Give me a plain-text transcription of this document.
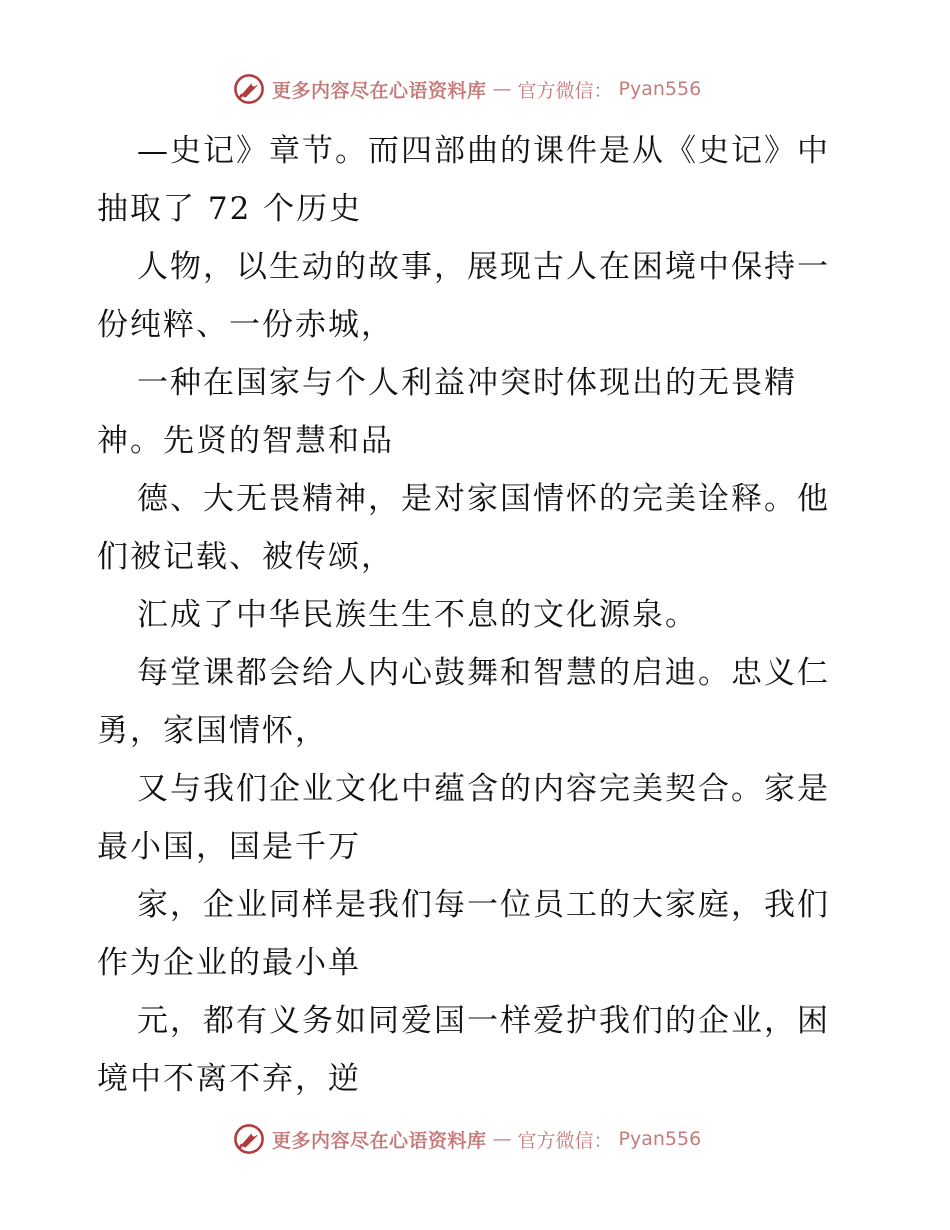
更多内容尽在心语资料库 — 官方微信： Pyan556
—史记》章节。而四部曲的课件是从《史记》中
抽取了 72 个历史
人物，以生动的故事，展现古人在困境中保持一
份纯粹、一份赤城，
一种在国家与个人利益冲突时体现出的无畏精
神。先贤的智慧和品
德、大无畏精神，是对家国情怀的完美诠释。他
们被记载、被传颂，
汇成了中华民族生生不息的文化源泉。
每堂课都会给人内心鼓舞和智慧的启迪。忠义仁
勇，家国情怀，
又与我们企业文化中蕴含的内容完美契合。家是
最小国，国是千万
家，企业同样是我们每一位员工的大家庭，我们
作为企业的最小单
元，都有义务如同爱国一样爱护我们的企业，困
境中不离不弃，逆
更多内容尽在心语资料库 — 官方微信： Pyan556
